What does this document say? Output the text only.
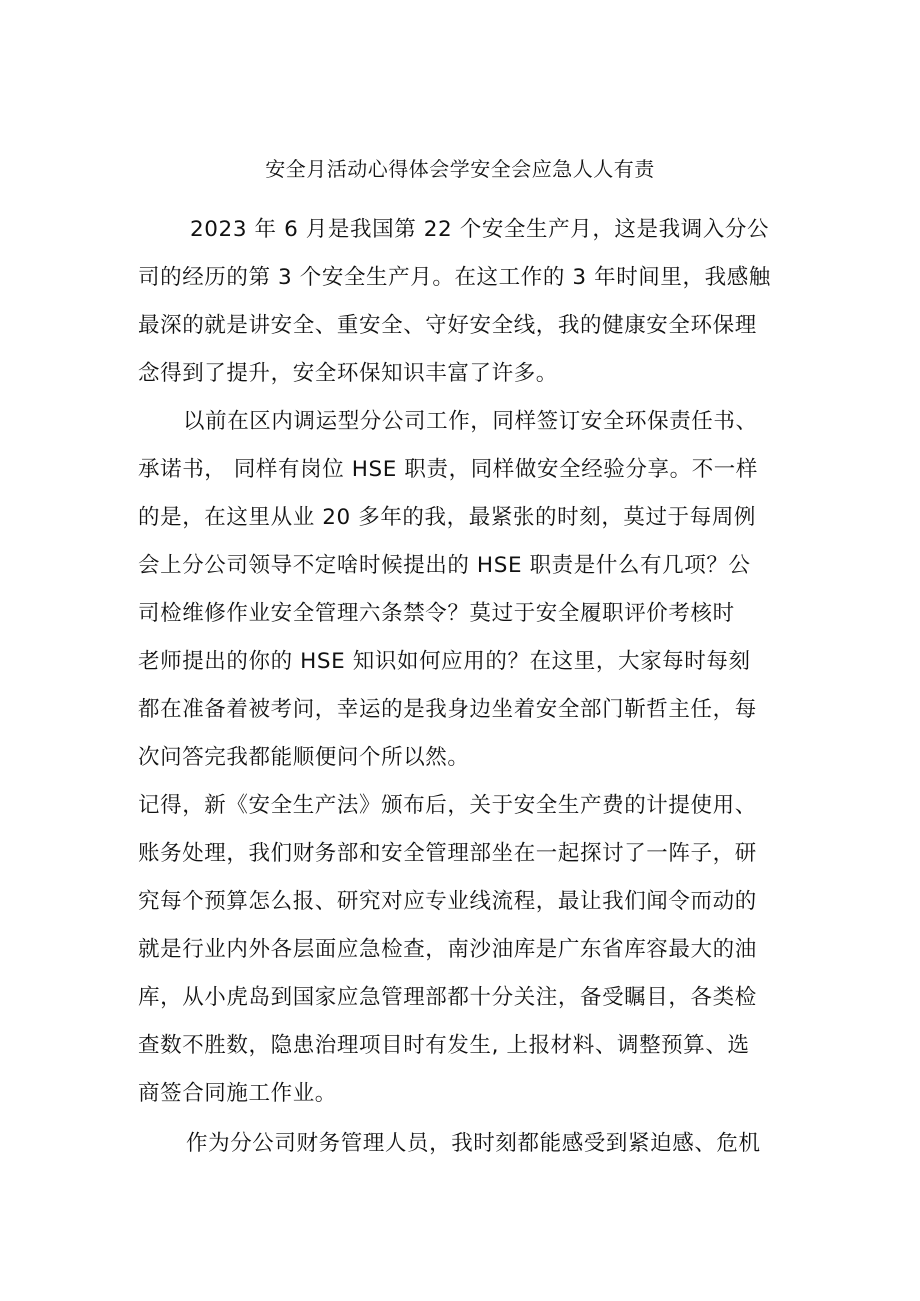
安全月活动心得体会学安全会应急人人有责
2023 年 6 月是我国第 22 个安全生产月，这是我调入分公
司的经历的第 3 个安全生产月。在这工作的 3 年时间里，我感触
最深的就是讲安全、重安全、守好安全线，我的健康安全环保理
念得到了提升，安全环保知识丰富了许多。
以前在区内调运型分公司工作，同样签订安全环保责任书、
承诺书， 同样有岗位 HSE 职责，同样做安全经验分享。不一样
的是，在这里从业 20 多年的我，最紧张的时刻，莫过于每周例
会上分公司领导不定啥时候提出的 HSE 职责是什么有几项？公
司检维修作业安全管理六条禁令？莫过于安全履职评价考核时
老师提出的你的 HSE 知识如何应用的？在这里，大家每时每刻
都在准备着被考问，幸运的是我身边坐着安全部门靳哲主任，每
次问答完我都能顺便问个所以然。
记得，新《安全生产法》颁布后，关于安全生产费的计提使用、
账务处理，我们财务部和安全管理部坐在一起探讨了一阵子，研
究每个预算怎么报、研究对应专业线流程，最让我们闻令而动的
就是行业内外各层面应急检查，南沙油库是广东省库容最大的油
库，从小虎岛到国家应急管理部都十分关注，备受瞩目，各类检
查数不胜数，隐患治理项目时有发生, 上报材料、调整预算、选
商签合同施工作业。
作为分公司财务管理人员，我时刻都能感受到紧迫感、危机
